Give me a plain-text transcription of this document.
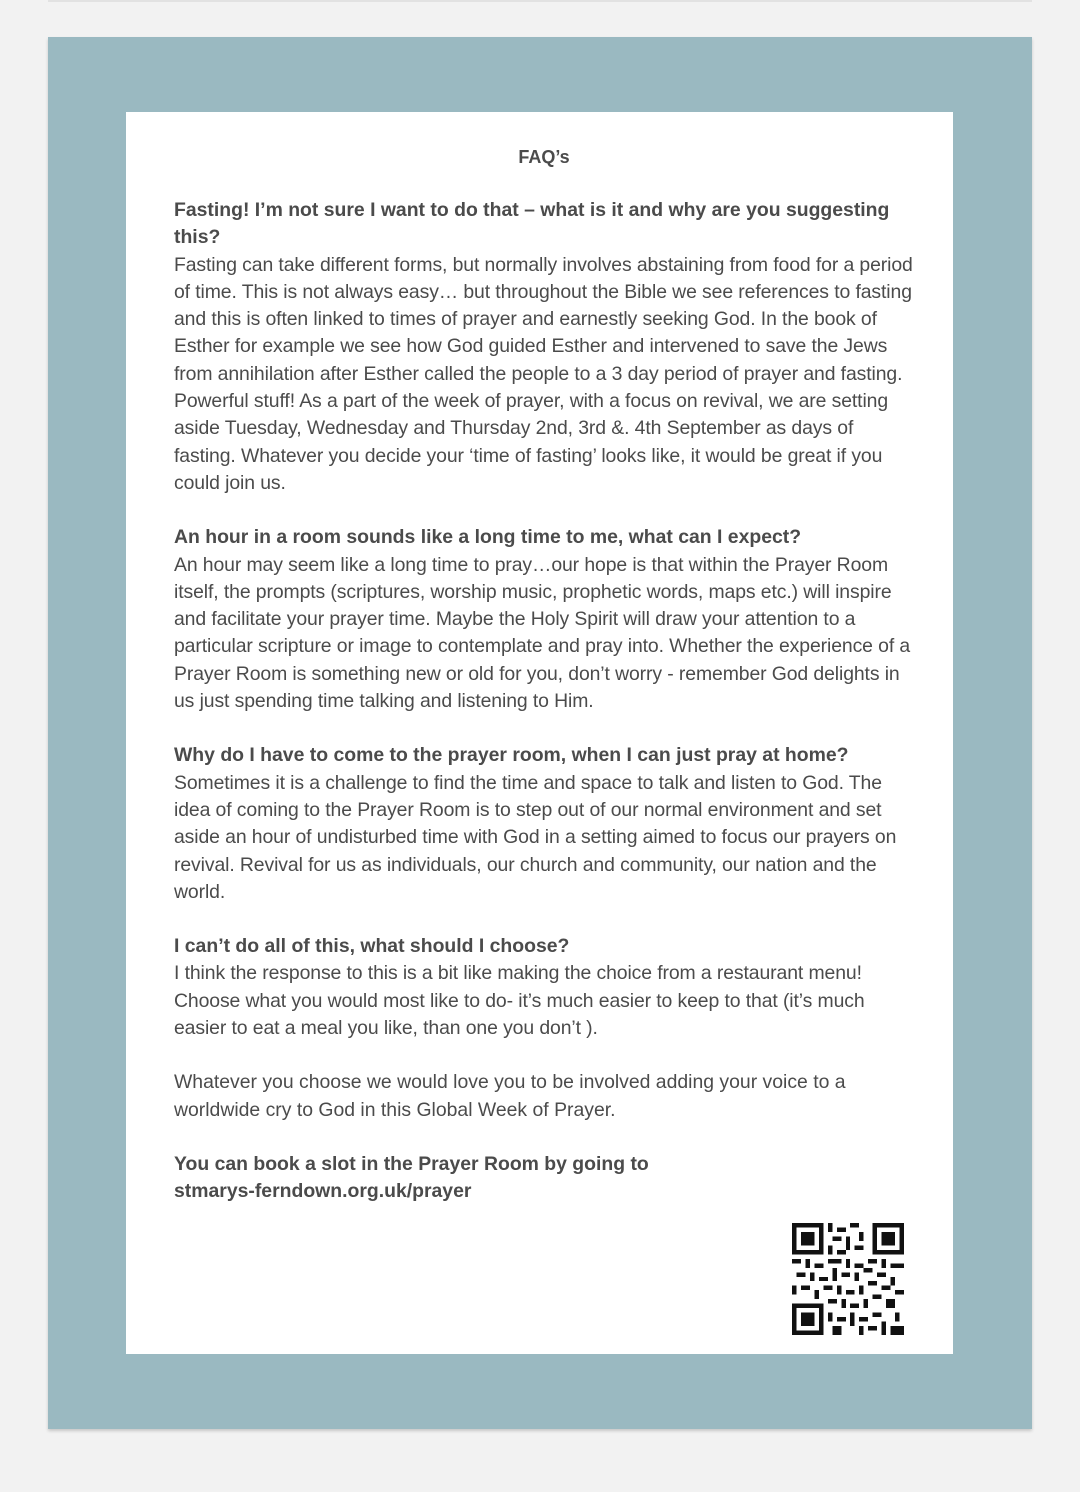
FAQ’s

Fasting! I’m not sure I want to do that – what is it and why are you suggesting this?

Fasting can take different forms, but normally involves abstaining from food for a period of time. This is not always easy… but throughout the Bible we see references to fasting and this is often linked to times of prayer and earnestly seeking God. In the book of Esther for example we see how God guided Esther and intervened to save the Jews from annihilation after Esther called the people to a 3 day period of prayer and fasting. Powerful stuff! As a part of the week of prayer, with a focus on revival, we are setting aside Tuesday, Wednesday and Thursday 2nd, 3rd &. 4th September as days of fasting. Whatever you decide your ‘time of fasting’ looks like, it would be great if you could join us.

An hour in a room sounds like a long time to me, what can I expect?

An hour may seem like a long time to pray…our hope is that within the Prayer Room itself, the prompts (scriptures, worship music, prophetic words, maps etc.) will inspire and facilitate your prayer time. Maybe the Holy Spirit will draw your attention to a particular scripture or image to contemplate and pray into. Whether the experience of a Prayer Room is something new or old for you, don’t worry - remember God delights in us just spending time talking and listening to Him.

Why do I have to come to the prayer room, when I can just pray at home?

Sometimes it is a challenge to find the time and space to talk and listen to God. The idea of coming to the Prayer Room is to step out of our normal environment and set aside an hour of undisturbed time with God in a setting aimed to focus our prayers on revival. Revival for us as individuals, our church and community, our nation and the world.

I can’t do all of this, what should I choose?

I think the response to this is a bit like making the choice from a restaurant menu! Choose what you would most like to do- it’s much easier to keep to that (it’s much easier to eat a meal you like, than one you don’t ).

Whatever you choose we would love you to be involved adding your voice to a worldwide cry to God in this Global Week of Prayer.

You can book a slot in the Prayer Room by going to
stmarys-ferndown.org.uk/prayer
